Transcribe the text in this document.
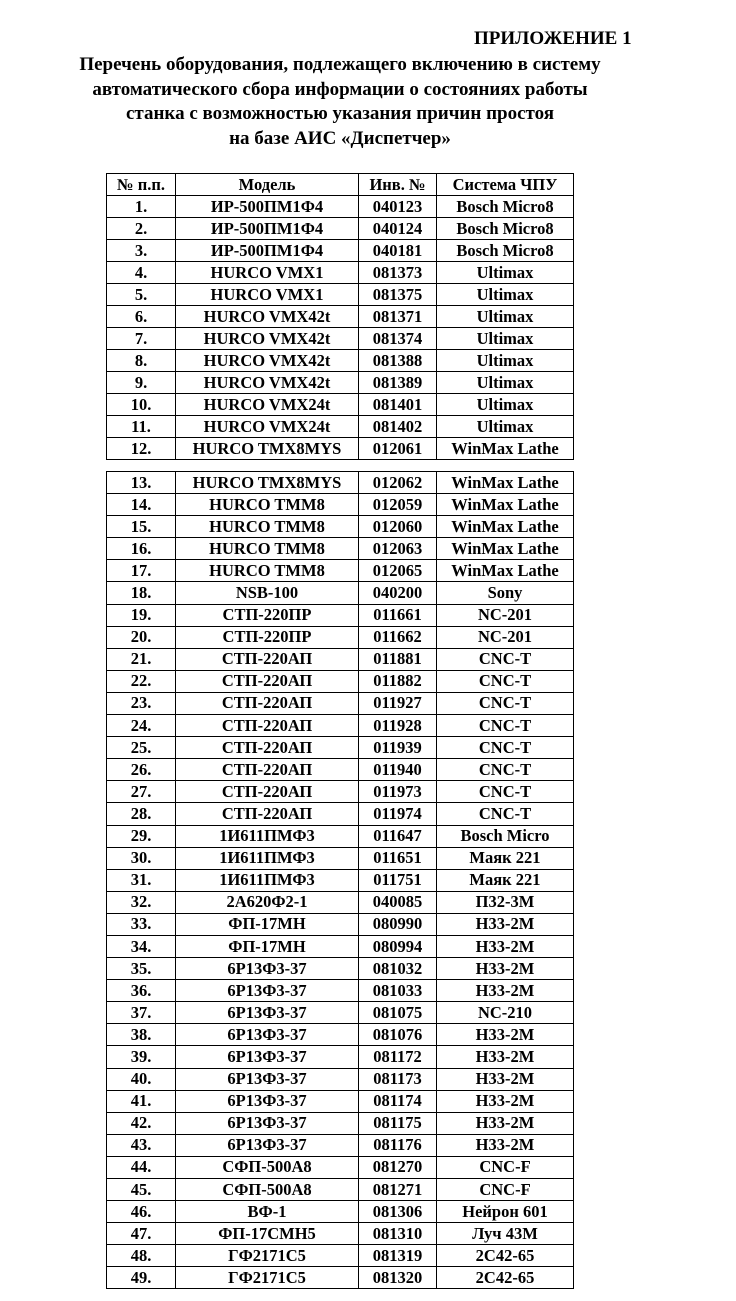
ПРИЛОЖЕНИЕ 1
Перечень оборудования, подлежащего включению в систему
автоматического сбора информации о состояниях работы
станка с возможностью указания причин простоя
на базе АИС «Диспетчер»
№ п.п.	Модель	Инв. №	Система ЧПУ
1.	ИР-500ПМ1Ф4	040123	Bosch Micro8
2.	ИР-500ПМ1Ф4	040124	Bosch Micro8
3.	ИР-500ПМ1Ф4	040181	Bosch Micro8
4.	HURCO VMX1	081373	Ultimax
5.	HURCO VMX1	081375	Ultimax
6.	HURCO VMX42t	081371	Ultimax
7.	HURCO VMX42t	081374	Ultimax
8.	HURCO VMX42t	081388	Ultimax
9.	HURCO VMX42t	081389	Ultimax
10.	HURCO VMX24t	081401	Ultimax
11.	HURCO VMX24t	081402	Ultimax
12.	HURCO TMX8MYS	012061	WinMax Lathe
13.	HURCO TMX8MYS	012062	WinMax Lathe
14.	HURCO TMM8	012059	WinMax Lathe
15.	HURCO TMM8	012060	WinMax Lathe
16.	HURCO TMM8	012063	WinMax Lathe
17.	HURCO TMM8	012065	WinMax Lathe
18.	NSB-100	040200	Sony
19.	СТП-220ПР	011661	NC-201
20.	СТП-220ПР	011662	NC-201
21.	СТП-220АП	011881	CNC-T
22.	СТП-220АП	011882	CNC-T
23.	СТП-220АП	011927	CNC-T
24.	СТП-220АП	011928	CNC-T
25.	СТП-220АП	011939	CNC-T
26.	СТП-220АП	011940	CNC-T
27.	СТП-220АП	011973	CNC-T
28.	СТП-220АП	011974	CNC-T
29.	1И611ПМФ3	011647	Bosch Micro
30.	1И611ПМФ3	011651	Маяк 221
31.	1И611ПМФ3	011751	Маяк 221
32.	2А620Ф2-1	040085	П32-3М
33.	ФП-17МН	080990	Н33-2М
34.	ФП-17МН	080994	Н33-2М
35.	6Р13Ф3-37	081032	Н33-2М
36.	6Р13Ф3-37	081033	Н33-2М
37.	6Р13Ф3-37	081075	NC-210
38.	6Р13Ф3-37	081076	Н33-2М
39.	6Р13Ф3-37	081172	Н33-2М
40.	6Р13Ф3-37	081173	Н33-2М
41.	6Р13Ф3-37	081174	Н33-2М
42.	6Р13Ф3-37	081175	Н33-2М
43.	6Р13Ф3-37	081176	Н33-2М
44.	СФП-500А8	081270	CNC-F
45.	СФП-500А8	081271	CNC-F
46.	ВФ-1	081306	Нейрон 601
47.	ФП-17СМН5	081310	Луч 43М
48.	ГФ2171С5	081319	2С42-65
49.	ГФ2171С5	081320	2С42-65
